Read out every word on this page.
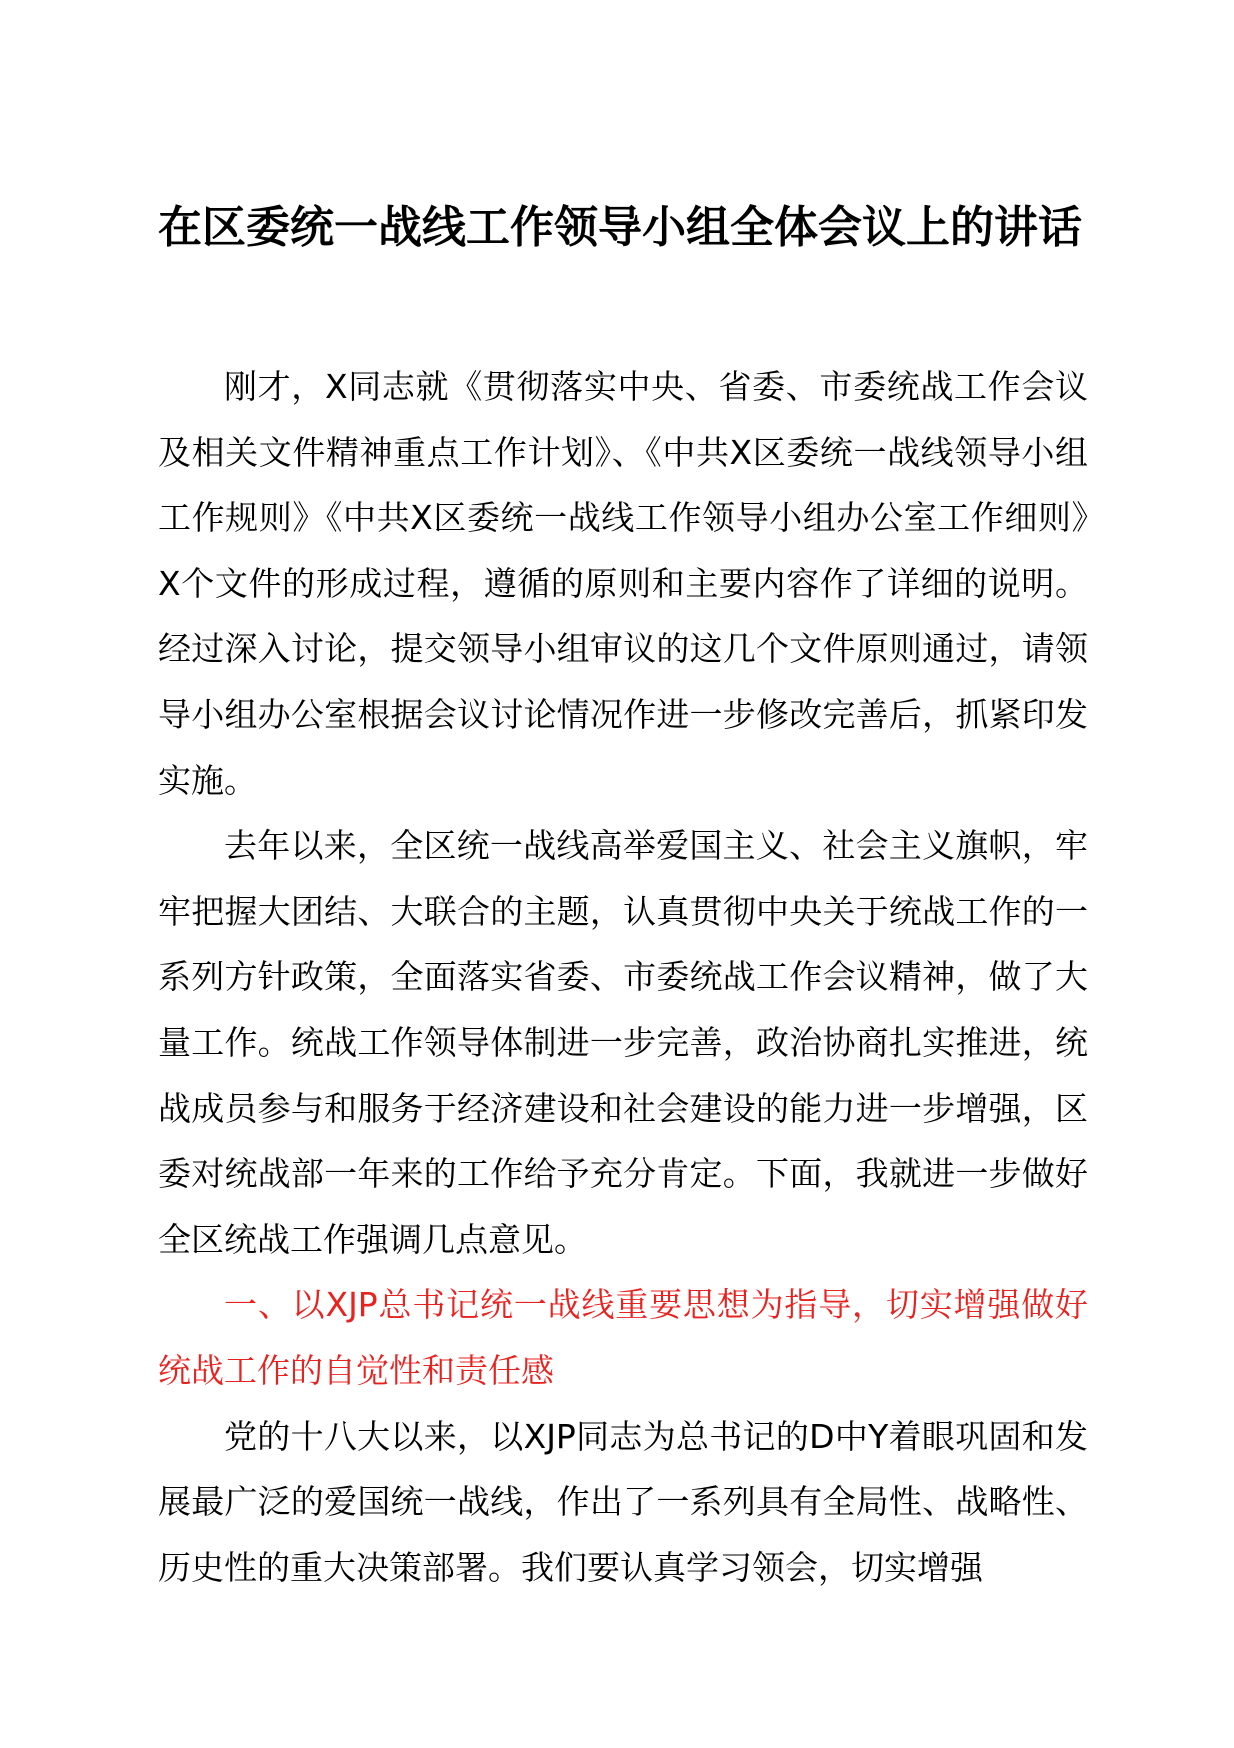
在区委统一战线工作领导小组全体会议上的讲话

刚才，X同志就《贯彻落实中央、省委、市委统战工作会议及相关文件精神重点工作计划》、《中共X区委统一战线领导小组工作规则》《中共X区委统一战线工作领导小组办公室工作细则》X个文件的形成过程，遵循的原则和主要内容作了详细的说明。经过深入讨论，提交领导小组审议的这几个文件原则通过，请领导小组办公室根据会议讨论情况作进一步修改完善后，抓紧印发实施。

去年以来，全区统一战线高举爱国主义、社会主义旗帜，牢牢把握大团结、大联合的主题，认真贯彻中央关于统战工作的一系列方针政策，全面落实省委、市委统战工作会议精神，做了大量工作。统战工作领导体制进一步完善，政治协商扎实推进，统战成员参与和服务于经济建设和社会建设的能力进一步增强，区委对统战部一年来的工作给予充分肯定。下面，我就进一步做好全区统战工作强调几点意见。

一、以XJP总书记统一战线重要思想为指导，切实增强做好统战工作的自觉性和责任感

党的十八大以来，以XJP同志为总书记的D中Y着眼巩固和发展最广泛的爱国统一战线，作出了一系列具有全局性、战略性、历史性的重大决策部署。我们要认真学习领会，切实增强
